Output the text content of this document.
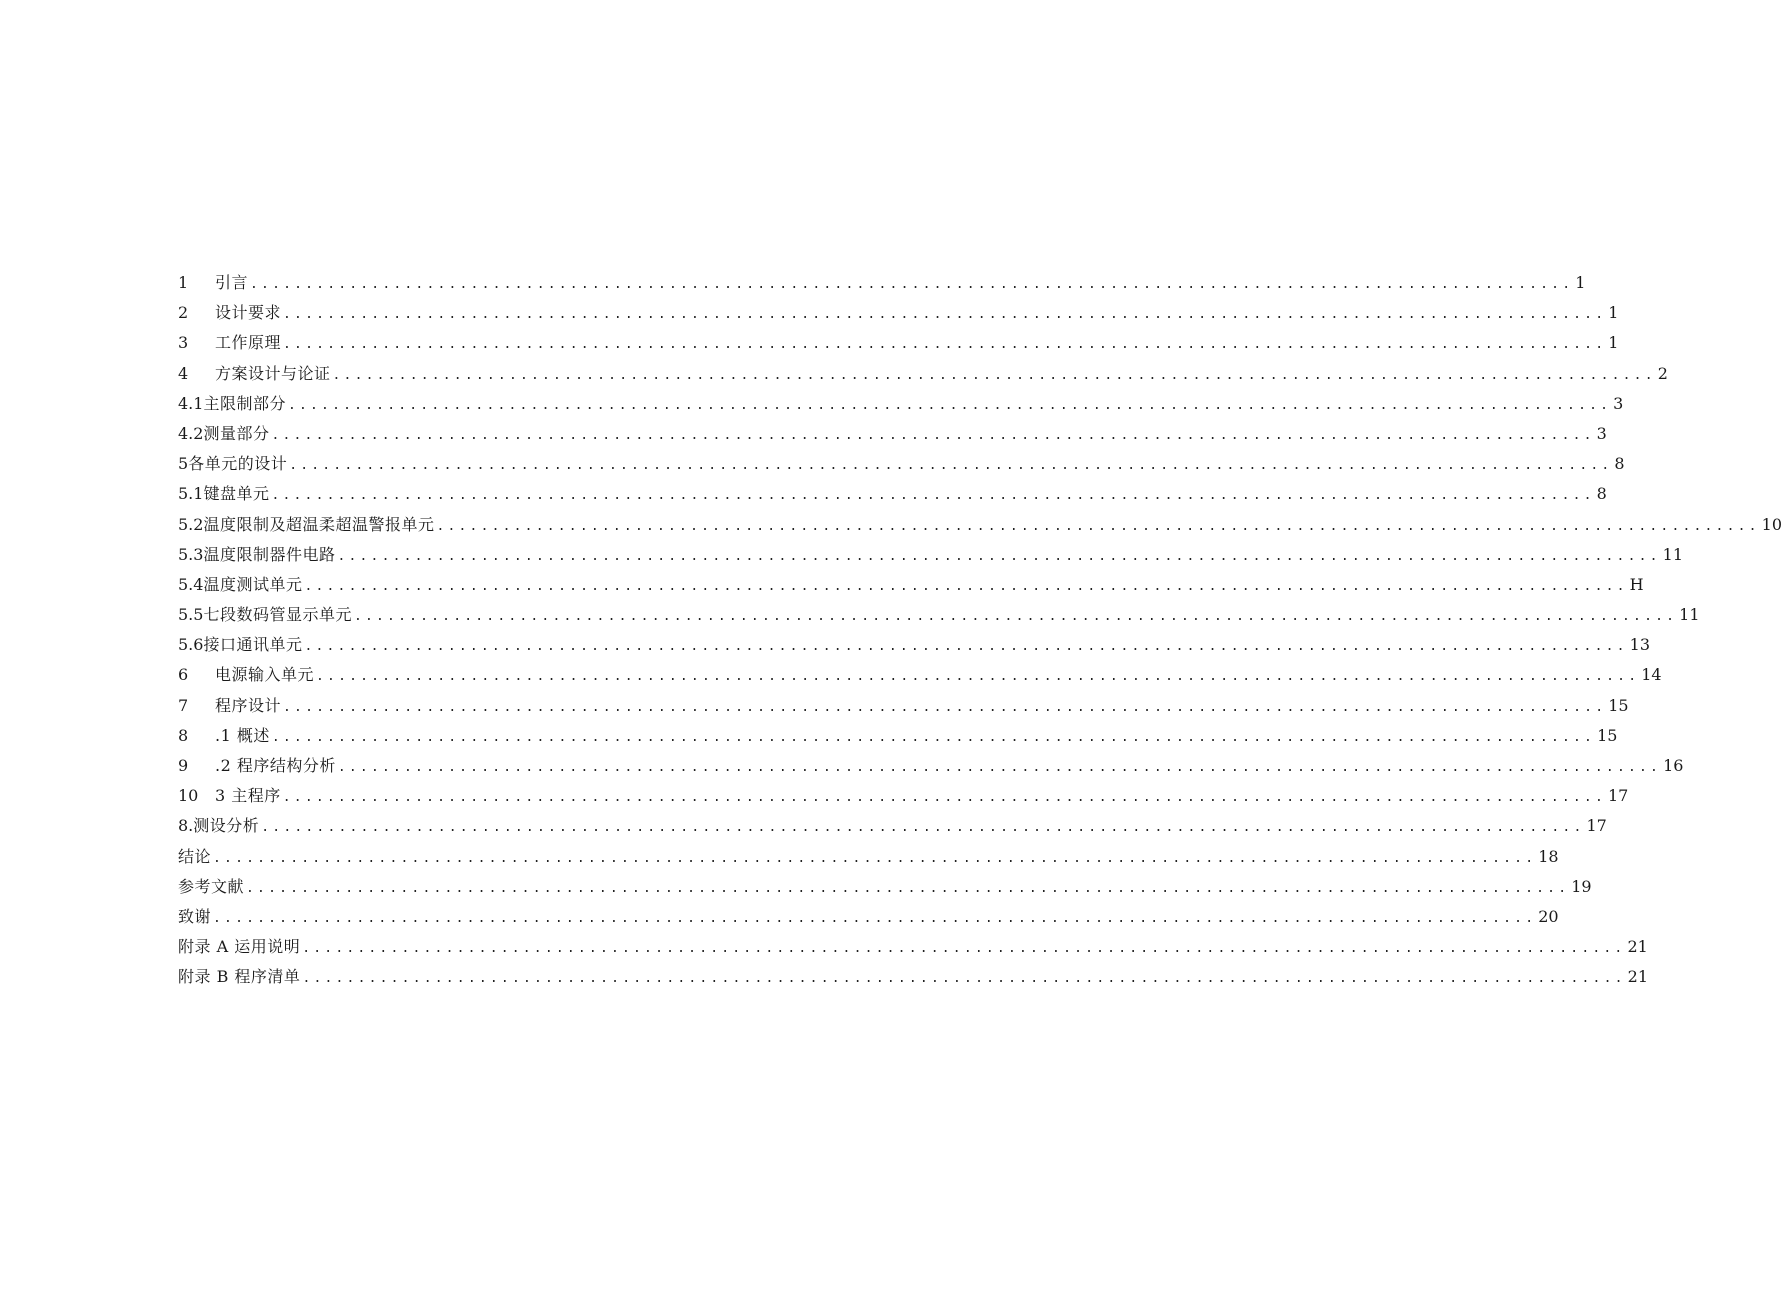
1	引言 ........................................................................................................................ 1
2	设计要求 ........................................................................................................................ 1
3	工作原理 ........................................................................................................................ 1
4	方案设计与论证 ........................................................................................................................ 2
4.1 主限制部分 ........................................................................................................................ 3
4.2 测量部分 ........................................................................................................................ 3
5 各单元的设计 ........................................................................................................................ 8
5.1 键盘单元 ........................................................................................................................ 8
5.2 温度限制及超温柔超温警报单元 ........................................................................................................................ 10
5.3 温度限制器件电路 ........................................................................................................................ 11
5.4 温度测试单元 ........................................................................................................................ H
5.5 七段数码管显示单元 ........................................................................................................................ 11
5.6 接口通讯单元 ........................................................................................................................ 13
6	电源输入单元 ........................................................................................................................ 14
7	程序设计 ........................................................................................................................ 15
8	.1 概述 ........................................................................................................................ 15
9	.2 程序结构分析 ........................................................................................................................ 16
10	3 主程序 ........................................................................................................................ 17
8. 测设分析 ........................................................................................................................ 17
结论 ........................................................................................................................ 18
参考文献 ........................................................................................................................ 19
致谢 ........................................................................................................................ 20
附录 A 运用说明 ........................................................................................................................ 21
附录 B 程序清单 ........................................................................................................................ 21
